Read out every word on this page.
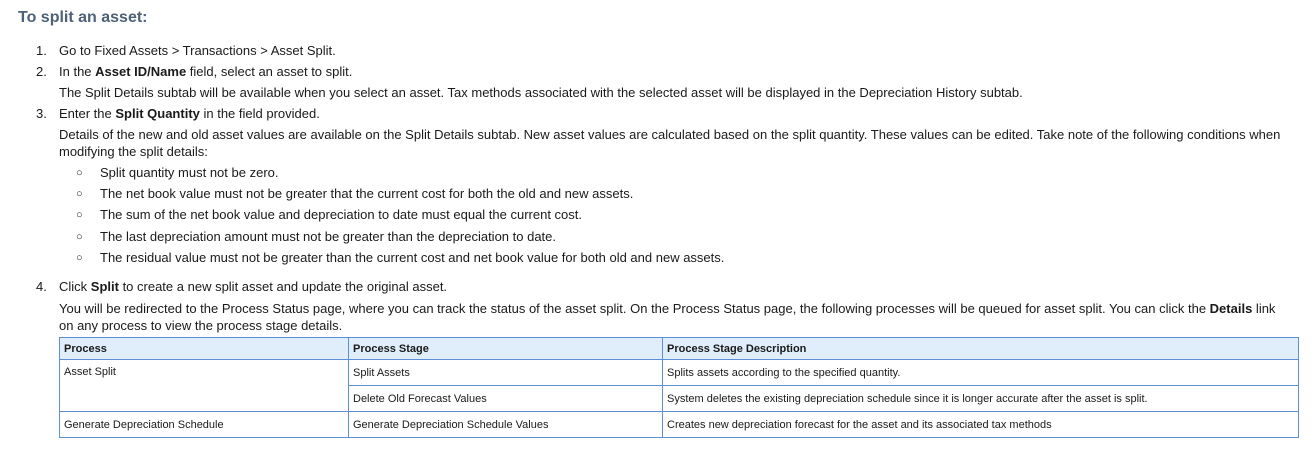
To split an asset:
1. Go to Fixed Assets > Transactions > Asset Split.
2. In the Asset ID/Name field, select an asset to split.
The Split Details subtab will be available when you select an asset. Tax methods associated with the selected asset will be displayed in the Depreciation History subtab.
3. Enter the Split Quantity in the field provided.
Details of the new and old asset values are available on the Split Details subtab. New asset values are calculated based on the split quantity. These values can be edited. Take note of the following conditions when modifying the split details:
○ Split quantity must not be zero.
○ The net book value must not be greater that the current cost for both the old and new assets.
○ The sum of the net book value and depreciation to date must equal the current cost.
○ The last depreciation amount must not be greater than the depreciation to date.
○ The residual value must not be greater than the current cost and net book value for both old and new assets.
4. Click Split to create a new split asset and update the original asset.
You will be redirected to the Process Status page, where you can track the status of the asset split. On the Process Status page, the following processes will be queued for asset split. You can click the Details link on any process to view the process stage details.
Process	Process Stage	Process Stage Description
Asset Split	Split Assets	Splits assets according to the specified quantity.
	Delete Old Forecast Values	System deletes the existing depreciation schedule since it is longer accurate after the asset is split.
Generate Depreciation Schedule	Generate Depreciation Schedule Values	Creates new depreciation forecast for the asset and its associated tax methods
